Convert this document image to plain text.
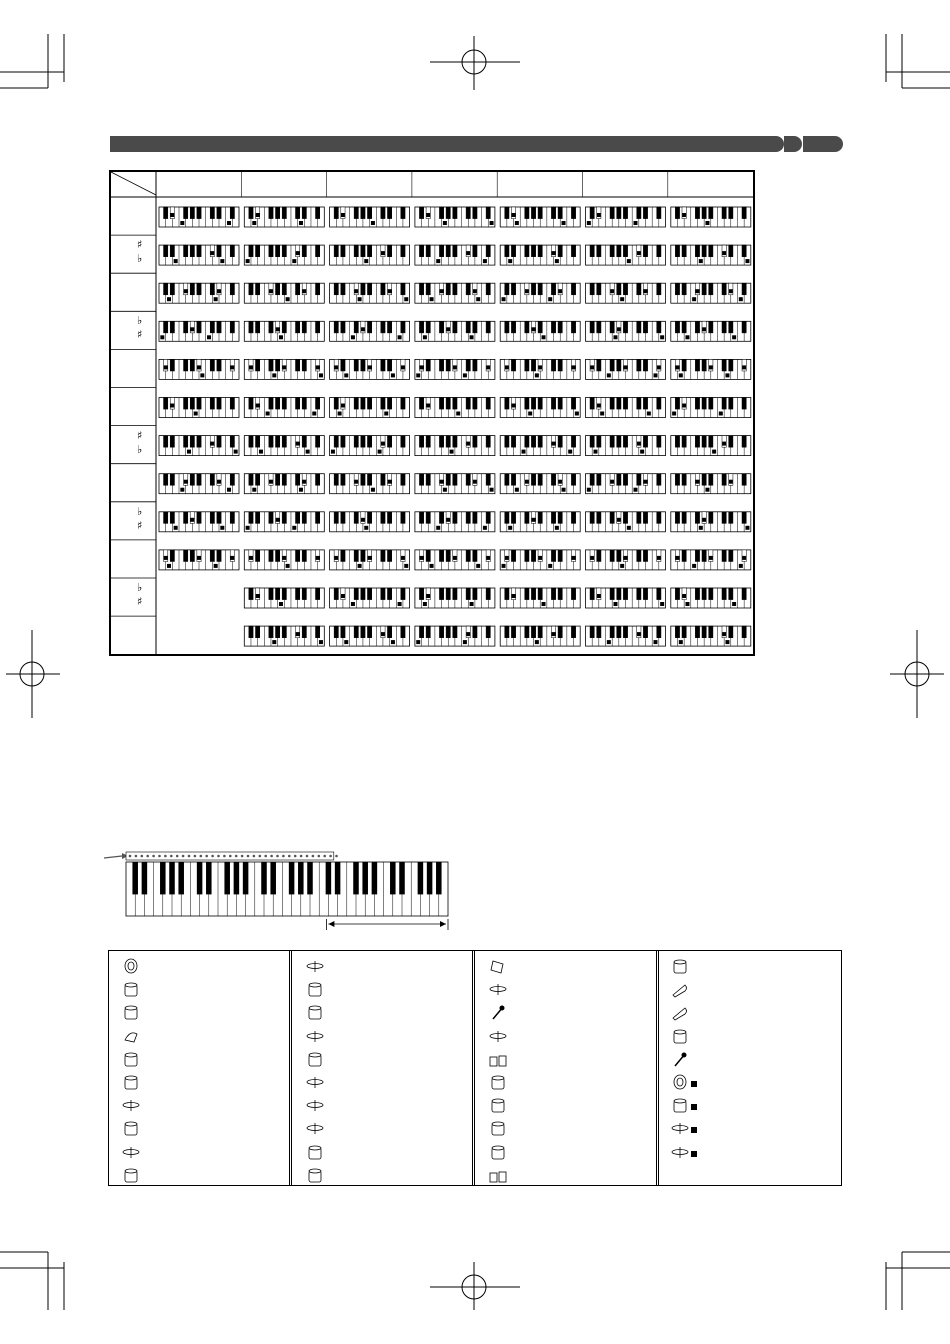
♯
♭
♭
♯
♯
♭
♭
♯
♭
♯
